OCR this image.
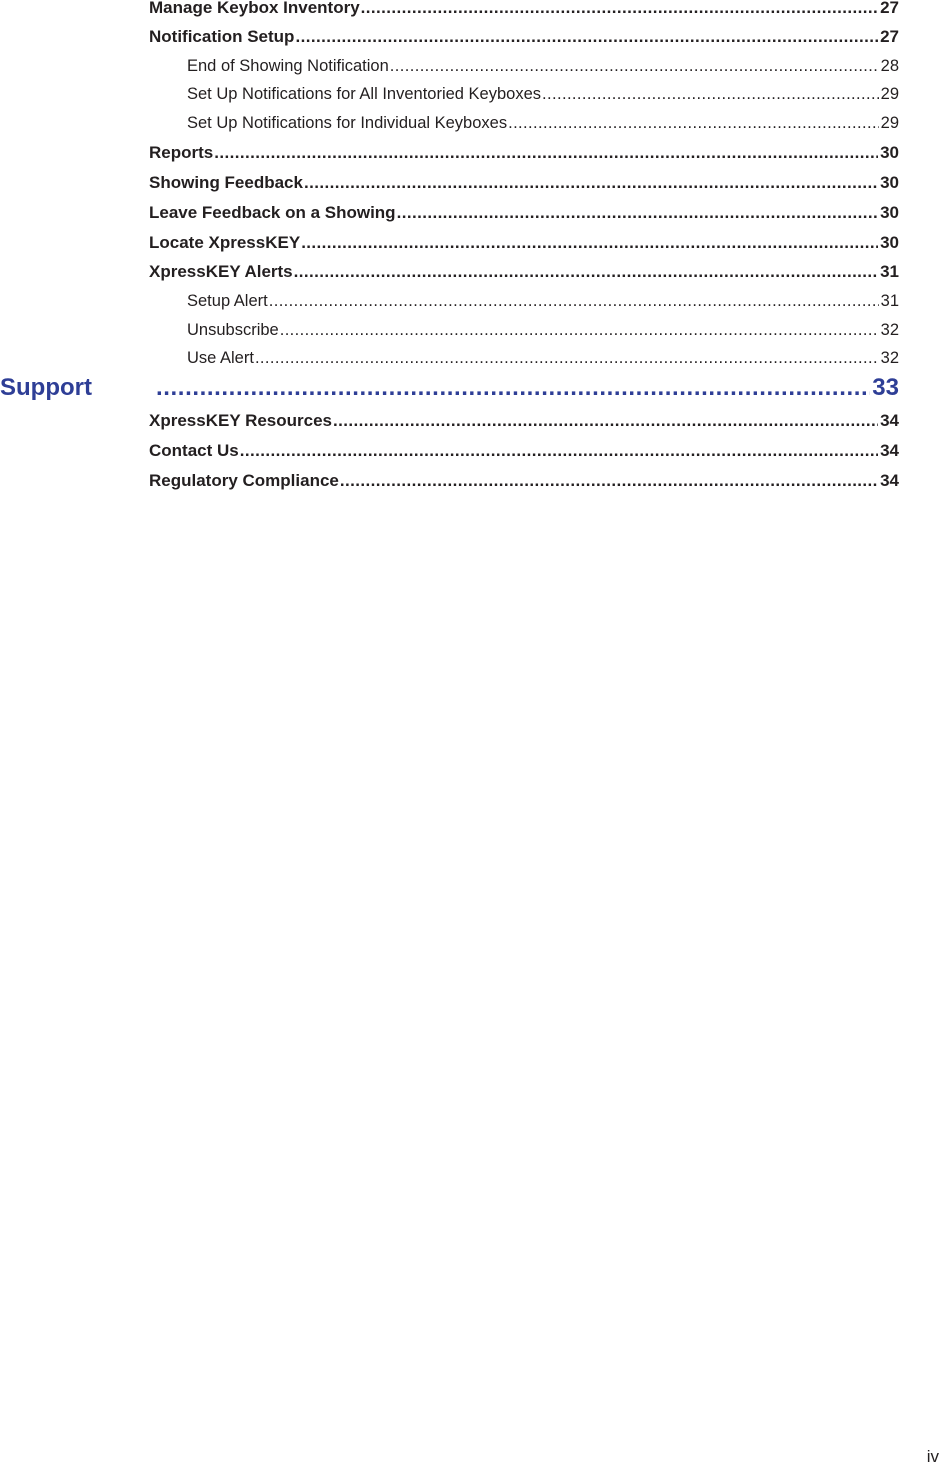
Manage Keybox Inventory .....	27
Notification Setup .....	27
End of Showing Notification .....	28
Set Up Notifications for All Inventoried Keyboxes .....	29
Set Up Notifications for Individual Keyboxes .....	29
Reports .....	30
Showing Feedback .....	30
Leave Feedback on a Showing .....	30
Locate XpressKEY .....	30
XpressKEY Alerts .....	31
Setup Alert .....	31
Unsubscribe .....	32
Use Alert .....	32
Support .....	33
XpressKEY Resources .....	34
Contact Us .....	34
Regulatory Compliance .....	34
iv
